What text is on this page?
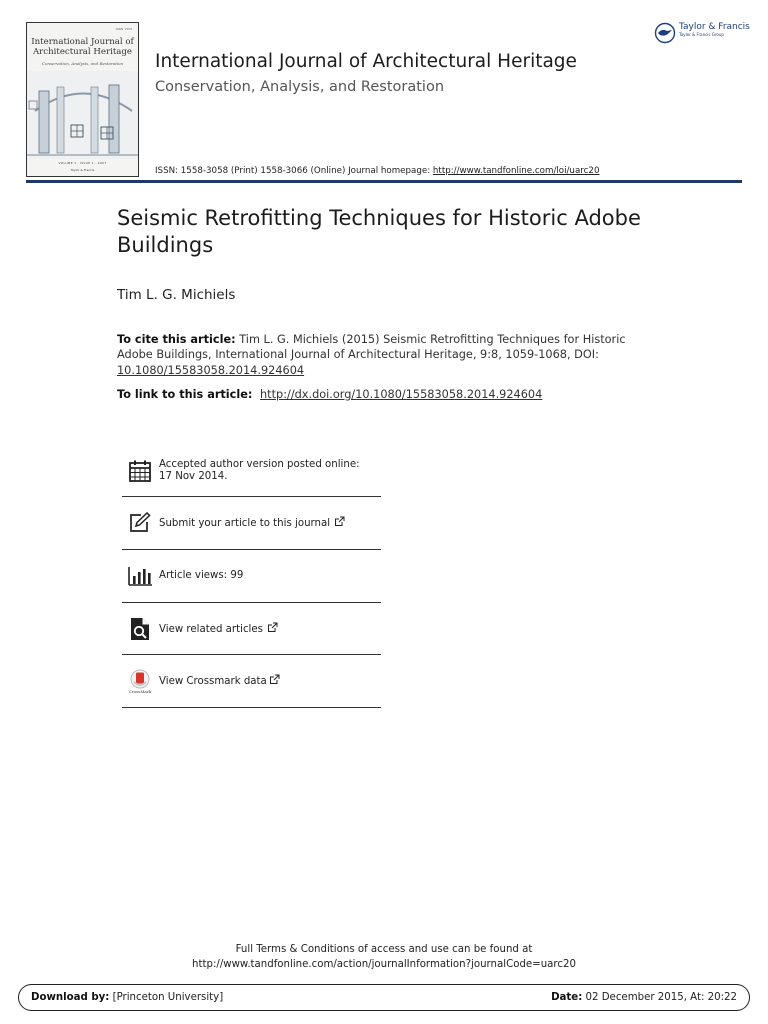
ISSN 1558
International Journal of Architectural Heritage
Conservation, Analysis, and Restoration
VOLUME 1 · ISSUE 1 · 2007
Taylor & Francis
International Journal of Architectural Heritage
Conservation, Analysis, and Restoration
ISSN: 1558-3058 (Print) 1558-3066 (Online) Journal homepage: http://www.tandfonline.com/loi/uarc20
Taylor & Francis
Taylor & Francis Group
Seismic Retrofitting Techniques for Historic Adobe Buildings
Tim L. G. Michiels
To cite this article: Tim L. G. Michiels (2015) Seismic Retrofitting Techniques for Historic Adobe Buildings, International Journal of Architectural Heritage, 9:8, 1059-1068, DOI: 10.1080/15583058.2014.924604
To link to this article: http://dx.doi.org/10.1080/15583058.2014.924604
Accepted author version posted online: 17 Nov 2014.
Submit your article to this journal
Article views: 99
View related articles
CrossMark
View Crossmark data
Full Terms & Conditions of access and use can be found at
http://www.tandfonline.com/action/journalInformation?journalCode=uarc20
Download by: [Princeton University]	Date: 02 December 2015, At: 20:22
